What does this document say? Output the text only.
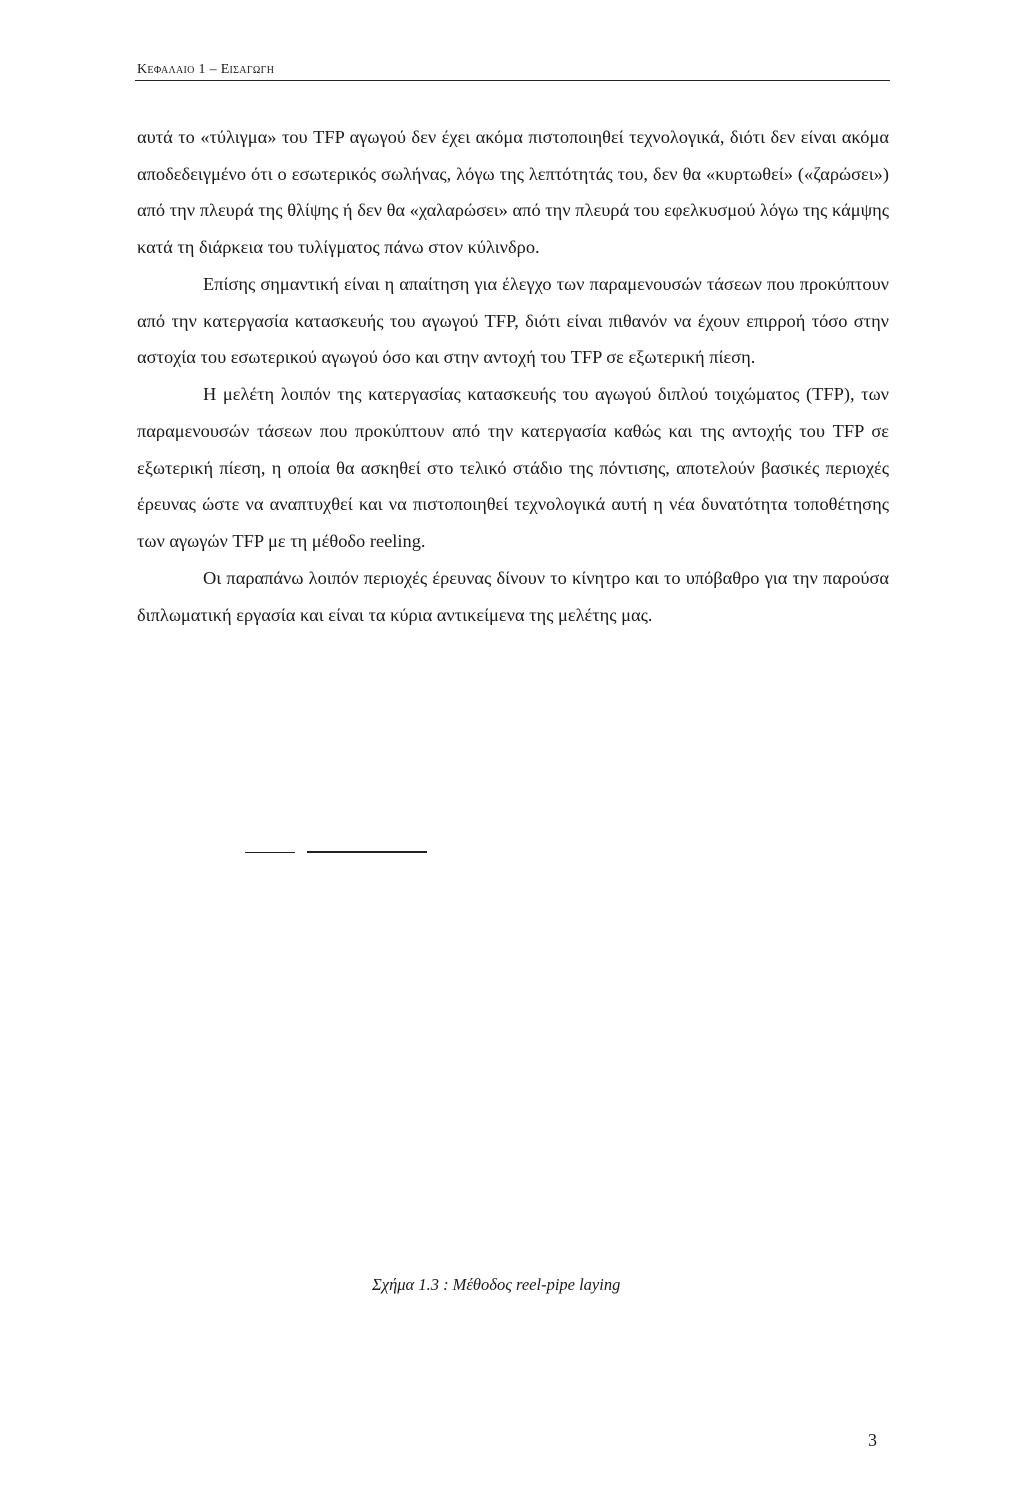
Κεφαλαιο 1 – Εισαγωγη

αυτά το «τύλιγμα» του TFP αγωγού δεν έχει ακόμα πιστοποιηθεί τεχνολογικά, διότι δεν είναι ακόμα αποδεδειγμένο ότι ο εσωτερικός σωλήνας, λόγω της λεπτότητάς του, δεν θα «κυρτωθεί» («ζαρώσει») από την πλευρά της θλίψης ή δεν θα «χαλαρώσει» από την πλευρά του εφελκυσμού λόγω της κάμψης κατά τη διάρκεια του τυλίγματος πάνω στον κύλινδρο.

Επίσης σημαντική είναι η απαίτηση για έλεγχο των παραμενουσών τάσεων που προκύπτουν από την κατεργασία κατασκευής του αγωγού TFP, διότι είναι πιθανόν να έχουν επιρροή τόσο στην αστοχία του εσωτερικού αγωγού όσο και στην αντοχή του TFP σε εξωτερική πίεση.

Η μελέτη λοιπόν της κατεργασίας κατασκευής του αγωγού διπλού τοιχώματος (TFP), των παραμενουσών τάσεων που προκύπτουν από την κατεργασία καθώς και της αντοχής του TFP σε εξωτερική πίεση, η οποία θα ασκηθεί στο τελικό στάδιο της πόντισης, αποτελούν βασικές περιοχές έρευνας ώστε να αναπτυχθεί και να πιστοποιηθεί τεχνολογικά αυτή η νέα δυνατότητα τοποθέτησης των αγωγών TFP με τη μέθοδο reeling.

Οι παραπάνω λοιπόν περιοχές έρευνας δίνουν το κίνητρο και το υπόβαθρο για την παρούσα διπλωματική εργασία και είναι τα κύρια αντικείμενα της μελέτης μας.

Σχήμα 1.3 : Μέθοδος reel-pipe laying
3
